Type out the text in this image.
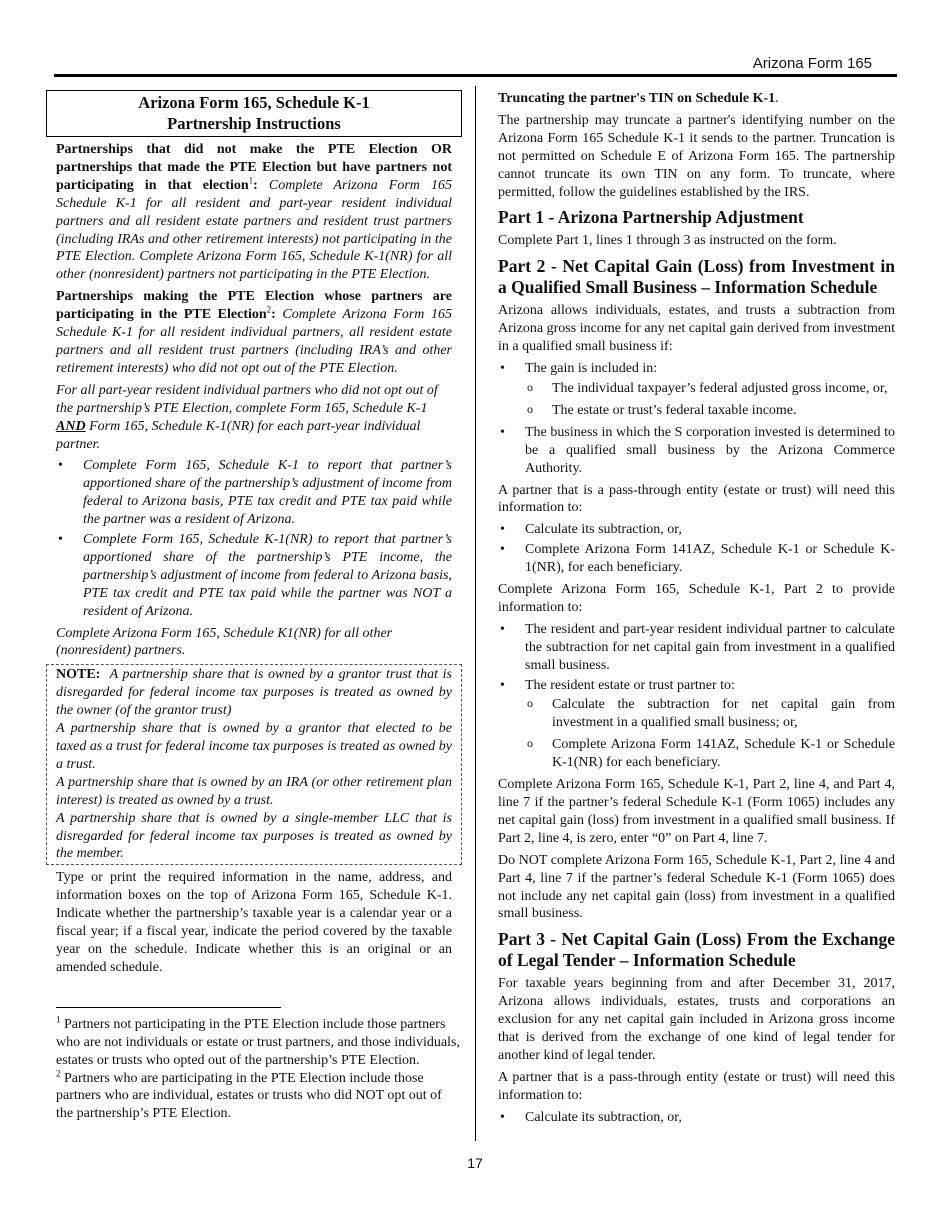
Arizona Form 165
Arizona Form 165, Schedule K-1
Partnership Instructions

Partnerships that did not make the PTE Election OR partnerships that made the PTE Election but have partners not participating in that election$^1$: Complete Arizona Form 165 Schedule K-1 for all resident and part-year resident individual partners and all resident estate partners and resident trust partners (including IRAs and other retirement interests) not participating in the PTE Election. Complete Arizona Form 165, Schedule K-1(NR) for all other (nonresident) partners not participating in the PTE Election.

Partnerships making the PTE Election whose partners are participating in the PTE Election$^2$: Complete Arizona Form 165 Schedule K-1 for all resident individual partners, all resident estate partners and all resident trust partners (including IRA’s and other retirement interests) who did not opt out of the PTE Election.

For all part-year resident individual partners who did not opt out of the partnership’s PTE Election, complete Form 165, Schedule K-1 AND Form 165, Schedule K-1(NR) for each part-year individual partner.

• Complete Form 165, Schedule K-1 to report that partner’s apportioned share of the partnership’s adjustment of income from federal to Arizona basis, PTE tax credit and PTE tax paid while the partner was a resident of Arizona.
• Complete Form 165, Schedule K-1(NR) to report that partner’s apportioned share of the partnership’s PTE income, the partnership’s adjustment of income from federal to Arizona basis, PTE tax credit and PTE tax paid while the partner was NOT a resident of Arizona.

Complete Arizona Form 165, Schedule K1(NR) for all other (nonresident) partners.

NOTE: A partnership share that is owned by a grantor trust that is disregarded for federal income tax purposes is treated as owned by the owner (of the grantor trust)

A partnership share that is owned by a grantor that elected to be taxed as a trust for federal income tax purposes is treated as owned by a trust.

A partnership share that is owned by an IRA (or other retirement plan interest) is treated as owned by a trust.

A partnership share that is owned by a single-member LLC that is disregarded for federal income tax purposes is treated as owned by the member.

Type or print the required information in the name, address, and information boxes on the top of Arizona Form 165, Schedule K-1. Indicate whether the partnership’s taxable year is a calendar year or a fiscal year; if a fiscal year, indicate the period covered by the taxable year on the schedule. Indicate whether this is an original or an amended schedule.

$^1$ Partners not participating in the PTE Election include those partners who are not individuals or estate or trust partners, and those individuals, estates or trusts who opted out of the partnership’s PTE Election.

$^2$ Partners who are participating in the PTE Election include those partners who are individual, estates or trusts who did NOT opt out of the partnership’s PTE Election.

Truncating the partner's TIN on Schedule K-1.

The partnership may truncate a partner's identifying number on the Arizona Form 165 Schedule K-1 it sends to the partner. Truncation is not permitted on Schedule E of Arizona Form 165. The partnership cannot truncate its own TIN on any form. To truncate, where permitted, follow the guidelines established by the IRS.

Part 1 - Arizona Partnership Adjustment

Complete Part 1, lines 1 through 3 as instructed on the form.

Part 2 - Net Capital Gain (Loss) from Investment in a Qualified Small Business – Information Schedule

Arizona allows individuals, estates, and trusts a subtraction from Arizona gross income for any net capital gain derived from investment in a qualified small business if:

• The gain is included in:
o The individual taxpayer’s federal adjusted gross income, or,
o The estate or trust’s federal taxable income.
• The business in which the S corporation invested is determined to be a qualified small business by the Arizona Commerce Authority.

A partner that is a pass-through entity (estate or trust) will need this information to:

• Calculate its subtraction, or,
• Complete Arizona Form 141AZ, Schedule K-1 or Schedule K-1(NR), for each beneficiary.

Complete Arizona Form 165, Schedule K-1, Part 2 to provide information to:

• The resident and part-year resident individual partner to calculate the subtraction for net capital gain from investment in a qualified small business.
• The resident estate or trust partner to:
o Calculate the subtraction for net capital gain from investment in a qualified small business; or,
o Complete Arizona Form 141AZ, Schedule K-1 or Schedule K-1(NR) for each beneficiary.

Complete Arizona Form 165, Schedule K-1, Part 2, line 4, and Part 4, line 7 if the partner’s federal Schedule K-1 (Form 1065) includes any net capital gain (loss) from investment in a qualified small business. If Part 2, line 4, is zero, enter “0” on Part 4, line 7.

Do NOT complete Arizona Form 165, Schedule K-1, Part 2, line 4 and Part 4, line 7 if the partner’s federal Schedule K-1 (Form 1065) does not include any net capital gain (loss) from investment in a qualified small business.

Part 3 - Net Capital Gain (Loss) From the Exchange of Legal Tender – Information Schedule

For taxable years beginning from and after December 31, 2017, Arizona allows individuals, estates, trusts and corporations an exclusion for any net capital gain included in Arizona gross income that is derived from the exchange of one kind of legal tender for another kind of legal tender.

A partner that is a pass-through entity (estate or trust) will need this information to:

• Calculate its subtraction, or,
17
